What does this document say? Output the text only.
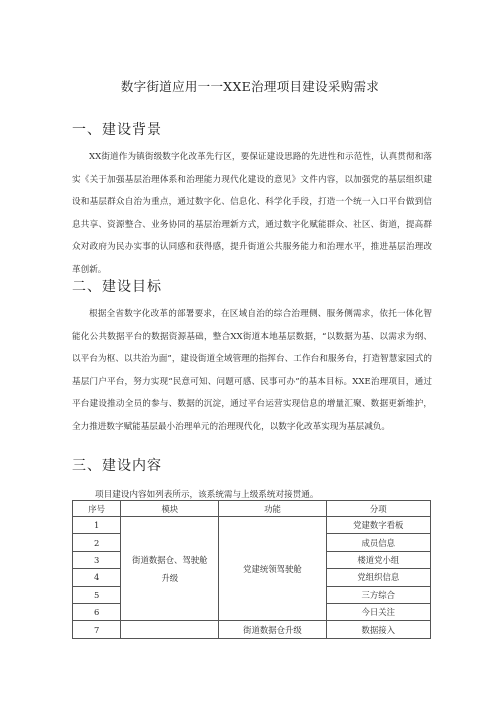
数字街道应用一一XXE治理项目建设采购需求
一、建设背景

XX街道作为镇街级数字化改革先行区，要保证建设思路的先进性和示范性，认真贯彻和落实《关于加强基层治理体系和治理能力现代化建设的意见》文件内容，以加强党的基层组织建设和基层群众自治为重点，通过数字化、信息化、科学化手段，打造一个统一入口平台做到信息共享、资源整合、业务协同的基层治理新方式，通过数字化赋能群众、社区、街道，提高群众对政府为民办实事的认同感和获得感，提升街道公共服务能力和治理水平，推进基层治理改革创新。

二、建设目标

根据全省数字化改革的部署要求，在区域自治的综合治理侧、服务侧需求，依托一体化智能化公共数据平台的数据资源基础，整合XX街道本地基层数据，“以数据为基、以需求为纲、以平台为枢、以共治为面”，建设街道全域管理的指挥台、工作台和服务台，打造智慧家园式的基层门户平台，努力实现“民意可知、问题可感、民事可办”的基本目标。XXE治理项目，通过平台建设推动全员的参与、数据的沉淀，通过平台运营实现信息的增量汇聚、数据更新维护，全力推进数字赋能基层最小治理单元的治理现代化，以数字化改革实现为基层减负。

三、建设内容
项目建设内容如列表所示，该系统需与上级系统对接贯通。
序号	模块	功能	分项
1	街道数据仓、驾驶舱升级	党建统领驾驶舱	党建数字看板
2			成员信息
3			楼道党小组
4			党组织信息
5			三方综合
6			今日关注
7		街道数据仓升级	数据接入
